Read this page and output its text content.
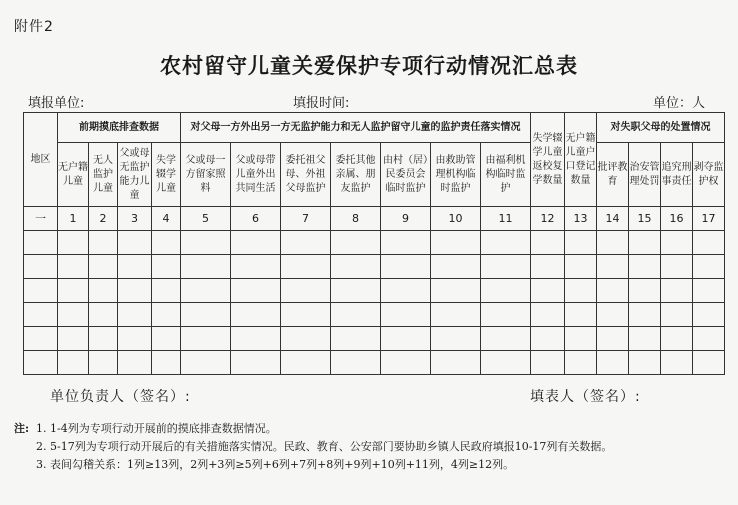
附件2
农村留守儿童关爱保护专项行动情况汇总表
填报单位:	填报时间:	单位：人
地区	前期摸底排查数据				对父母一方外出另一方无监护能力和无人监护留守儿童的监护责任落实情况							失学辍学儿童返校复学数量	无户籍儿童户口登记数量	对失职父母的处置情况			
	无户籍儿童	无人监护儿童	父或母无监护能力儿童	失学辍学儿童	父或母一方留家照料	父或母带儿童外出共同生活	委托祖父母、外祖父母监护	委托其他亲属、朋友监护	由村（居）民委员会临时监护	由救助管理机构临时监护	由福利机构临时监护			批评教育	治安管理处罚	追究刑事责任	剥夺监护权
一	1	2	3	4	5	6	7	8	9	10	11	12	13	14	15	16	17

单位负责人（签名）:	填表人（签名）:
注: 1. 1-4列为专项行动开展前的摸底排查数据情况。
2. 5-17列为专项行动开展后的有关措施落实情况。民政、教育、公安部门要协助乡镇人民政府填报10-17列有关数据。
3. 表间勾稽关系：1列≥13列，2列+3列≥5列+6列+7列+8列+9列+10列+11列，4列≥12列。
